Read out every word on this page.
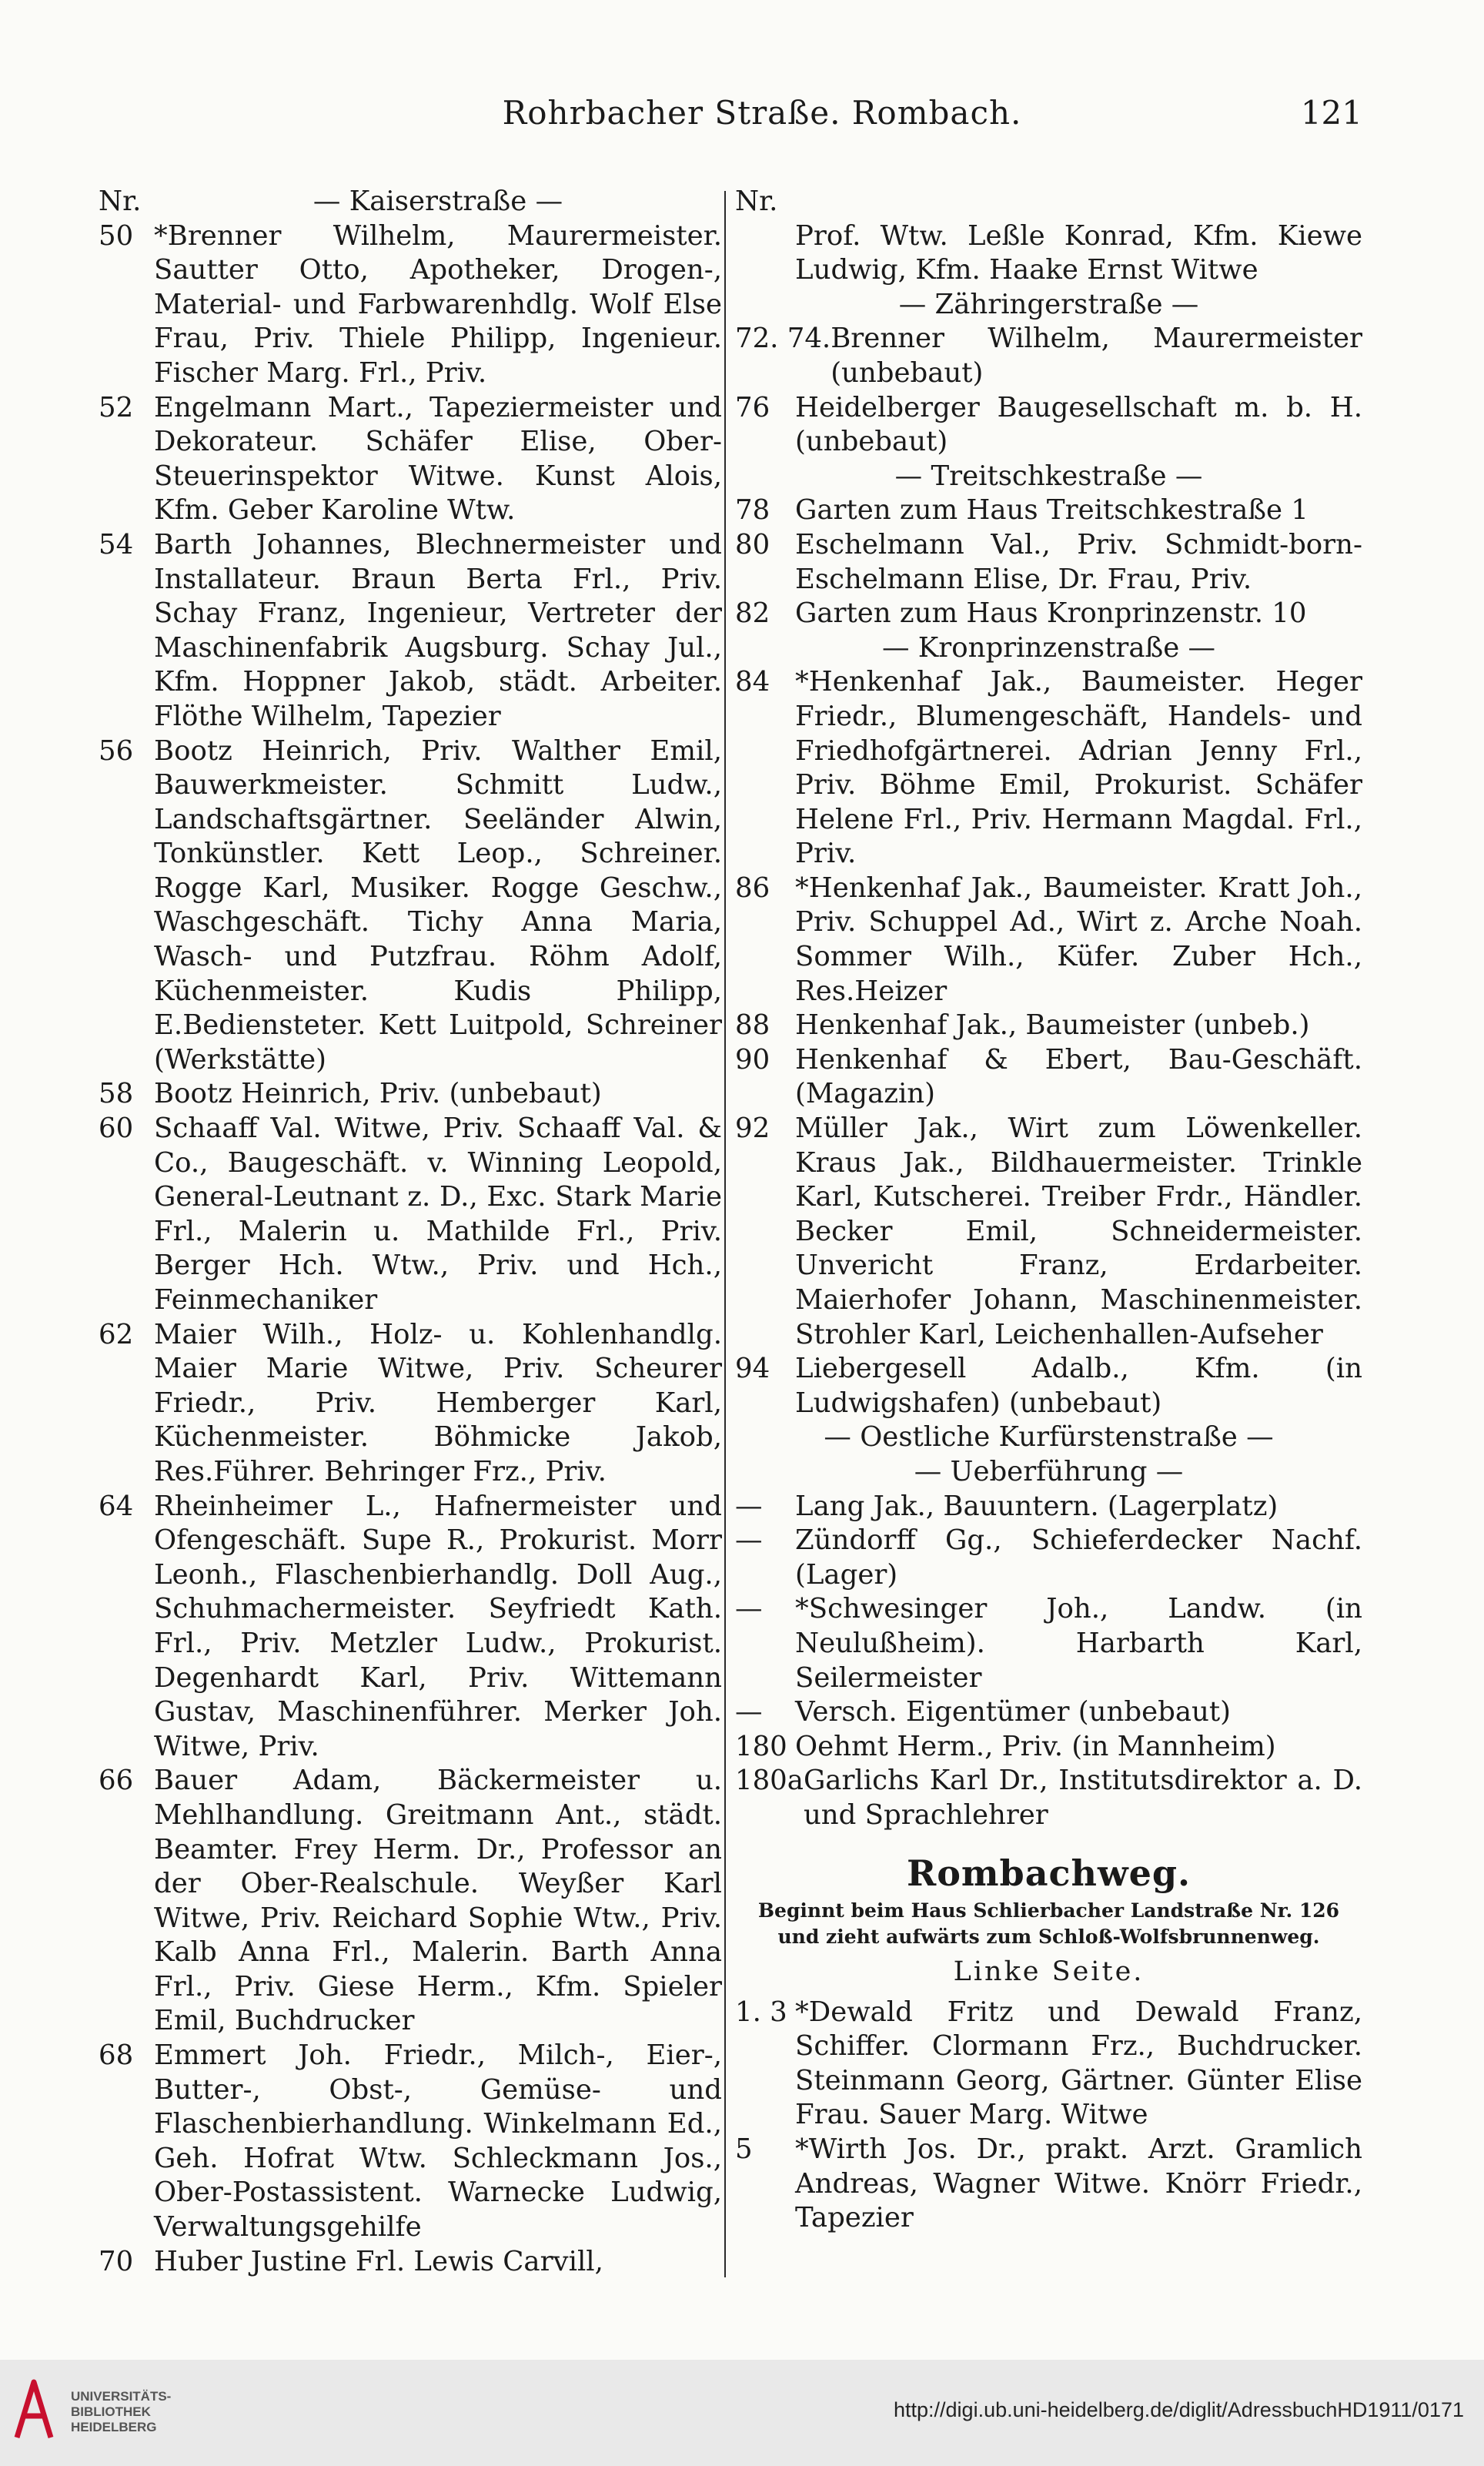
Rohrbacher Straße. Rombach.	121
Nr.	— Kaiserstraße —
50 *Brenner Wilhelm, Maurermeister. Sautter Otto, Apotheker, Drogen-, Material- und Farbwarenhdlg. Wolf Else Frau, Priv. Thiele Philipp, Ingenieur. Fischer Marg. Frl., Priv.
52 Engelmann Mart., Tapeziermeister und Dekorateur. Schäfer Elise, Ober-Steuerinspektor Witwe. Kunst Alois, Kfm. Geber Karoline Wtw.
54 Barth Johannes, Blechnermeister und Installateur. Braun Berta Frl., Priv. Schay Franz, Ingenieur, Vertreter der Maschinenfabrik Augsburg. Schay Jul., Kfm. Hoppner Jakob, städt. Arbeiter. Flöthe Wilhelm, Tapezier
56 Bootz Heinrich, Priv. Walther Emil, Bauwerkmeister. Schmitt Ludw., Landschaftsgärtner. Seeländer Alwin, Tonkünstler. Kett Leop., Schreiner. Rogge Karl, Musiker. Rogge Geschw., Waschgeschäft. Tichy Anna Maria, Wasch- und Putzfrau. Röhm Adolf, Küchenmeister. Kudis Philipp, E.Bediensteter. Kett Luitpold, Schreiner (Werkstätte)
58 Bootz Heinrich, Priv. (unbebaut)
60 Schaaff Val. Witwe, Priv. Schaaff Val. & Co., Baugeschäft. v. Winning Leopold, General-Leutnant z. D., Exc. Stark Marie Frl., Malerin u. Mathilde Frl., Priv. Berger Hch. Wtw., Priv. und Hch., Feinmechaniker
62 Maier Wilh., Holz- u. Kohlenhandlg. Maier Marie Witwe, Priv. Scheurer Friedr., Priv. Hemberger Karl, Küchenmeister. Böhmicke Jakob, Res.Führer. Behringer Frz., Priv.
64 Rheinheimer L., Hafnermeister und Ofengeschäft. Supe R., Prokurist. Morr Leonh., Flaschenbierhandlg. Doll Aug., Schuhmachermeister. Seyfriedt Kath. Frl., Priv. Metzler Ludw., Prokurist. Degenhardt Karl, Priv. Wittemann Gustav, Maschinenführer. Merker Joh. Witwe, Priv.
66 Bauer Adam, Bäckermeister u. Mehlhandlung. Greitmann Ant., städt. Beamter. Frey Herm. Dr., Professor an der Ober-Realschule. Weyßer Karl Witwe, Priv. Reichard Sophie Wtw., Priv. Kalb Anna Frl., Malerin. Barth Anna Frl., Priv. Giese Herm., Kfm. Spieler Emil, Buchdrucker
68 Emmert Joh. Friedr., Milch-, Eier-, Butter-, Obst-, Gemüse- und Flaschenbierhandlung. Winkelmann Ed., Geh. Hofrat Wtw. Schleckmann Jos., Ober-Postassistent. Warnecke Ludwig, Verwaltungsgehilfe
70 Huber Justine Frl. Lewis Carvill,

Nr.

Prof. Wtw. Leßle Konrad, Kfm. Kiewe Ludwig, Kfm. Haake Ernst Witwe
— Zähringerstraße —
72. 74. Brenner Wilhelm, Maurermeister (unbebaut)
76 Heidelberger Baugesellschaft m. b. H. (unbebaut)
— Treitschkestraße —
78 Garten zum Haus Treitschkestraße 1
80 Eschelmann Val., Priv. Schmidt-born-Eschelmann Elise, Dr. Frau, Priv.
82 Garten zum Haus Kronprinzenstr. 10
— Kronprinzenstraße —
84 *Henkenhaf Jak., Baumeister. Heger Friedr., Blumengeschäft, Handels- und Friedhofgärtnerei. Adrian Jenny Frl., Priv. Böhme Emil, Prokurist. Schäfer Helene Frl., Priv. Hermann Magdal. Frl., Priv.
86 *Henkenhaf Jak., Baumeister. Kratt Joh., Priv. Schuppel Ad., Wirt z. Arche Noah. Sommer Wilh., Küfer. Zuber Hch., Res.Heizer
88 Henkenhaf Jak., Baumeister (unbeb.)
90 Henkenhaf & Ebert, Bau-Geschäft. (Magazin)
92 Müller Jak., Wirt zum Löwenkeller. Kraus Jak., Bildhauermeister. Trinkle Karl, Kutscherei. Treiber Frdr., Händler. Becker Emil, Schneidermeister. Unvericht Franz, Erdarbeiter. Maierhofer Johann, Maschinenmeister. Strohler Karl, Leichenhallen-Aufseher
94 Liebergesell Adalb., Kfm. (in Ludwigshafen) (unbebaut)
— Oestliche Kurfürstenstraße —
— Ueberführung —
—	Lang Jak., Bauuntern. (Lagerplatz)
—	Zündorff Gg., Schieferdecker Nachf. (Lager)
—	*Schwesinger Joh., Landw. (in Neulußheim). Harbarth Karl, Seilermeister
—	Versch. Eigentümer (unbebaut)
180 Oehmt Herm., Priv. (in Mannheim)
180a Garlichs Karl Dr., Institutsdirektor a. D. und Sprachlehrer
Rombachweg.
Beginnt beim Haus Schlierbacher Landstraße Nr. 126 und zieht aufwärts zum Schloß-Wolfsbrunnenweg.
Linke Seite.
1. 3 *Dewald Fritz und Dewald Franz, Schiffer. Clormann Frz., Buchdrucker. Steinmann Georg, Gärtner. Günter Elise Frau. Sauer Marg. Witwe
5	*Wirth Jos. Dr., prakt. Arzt. Gramlich Andreas, Wagner Witwe. Knörr Friedr., Tapezier
UNIVERSITÄTS-
BIBLIOTHEK
HEIDELBERG
http://digi.ub.uni-heidelberg.de/diglit/AdressbuchHD1911/0171
